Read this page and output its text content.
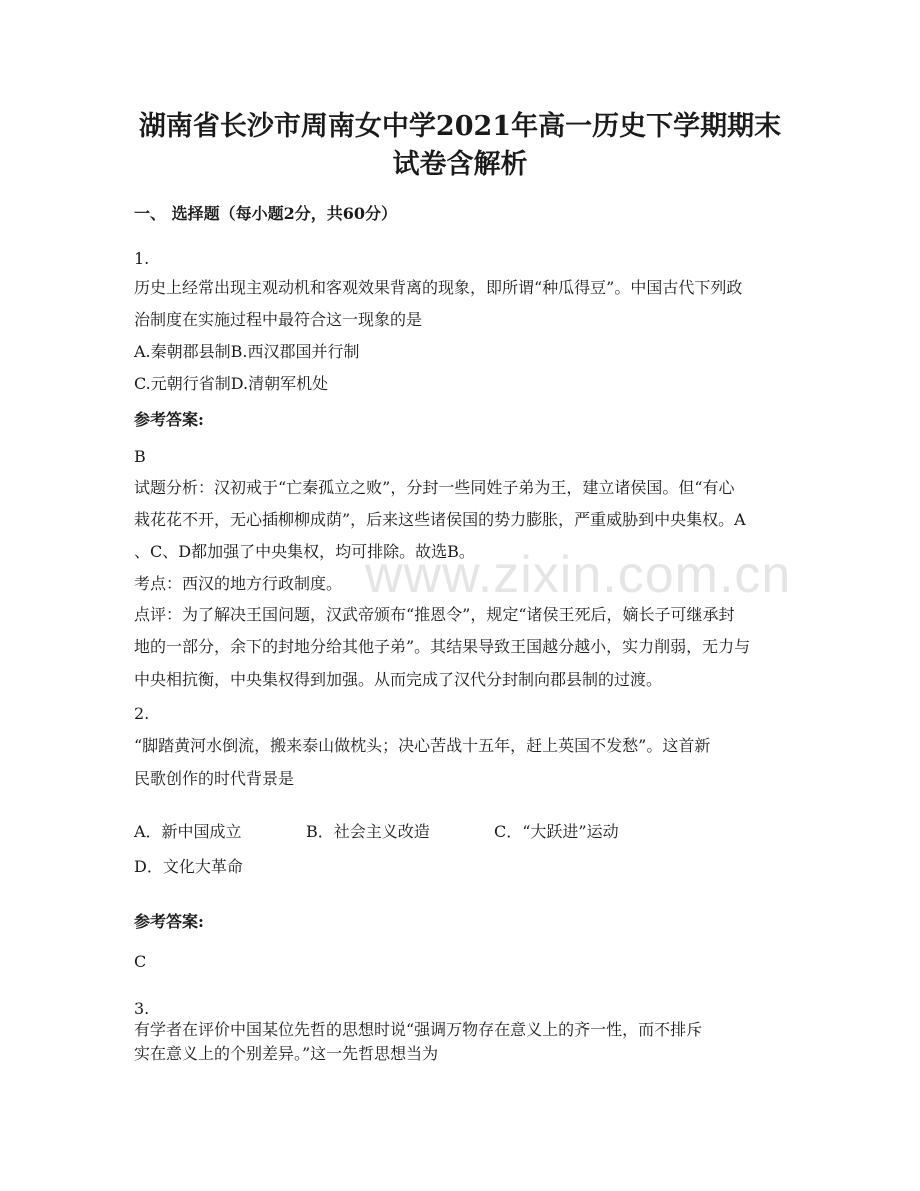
www.zixin.com.cn
湖南省长沙市周南女中学2021年高一历史下学期期末
试卷含解析
一、 选择题（每小题2分，共60分）
1.
历史上经常出现主观动机和客观效果背离的现象，即所谓“种瓜得豆”。中国古代下列政
治制度在实施过程中最符合这一现象的是
A.秦朝郡县制B.西汉郡国并行制
C.元朝行省制D.清朝军机处
参考答案:
B
试题分析：汉初戒于“亡秦孤立之败”，分封一些同姓子弟为王，建立诸侯国。但“有心
栽花花不开，无心插柳柳成荫”，后来这些诸侯国的势力膨胀，严重威胁到中央集权。A
、C、D都加强了中央集权，均可排除。故选B。
考点：西汉的地方行政制度。
点评：为了解决王国问题，汉武帝颁布“推恩令”，规定“诸侯王死后，嫡长子可继承封
地的一部分，余下的封地分给其他子弟”。其结果导致王国越分越小，实力削弱，无力与
中央相抗衡，中央集权得到加强。从而完成了汉代分封制向郡县制的过渡。
2.
“脚踏黄河水倒流，搬来泰山做枕头；决心苦战十五年，赶上英国不发愁”。这首新
民歌创作的时代背景是
A．新中国成立	B．社会主义改造	C．“大跃进”运动
D．文化大革命
参考答案:
C
3.
有学者在评价中国某位先哲的思想时说“强调万物存在意义上的齐一性，而不排斥
实在意义上的个别差异。”这一先哲思想当为
